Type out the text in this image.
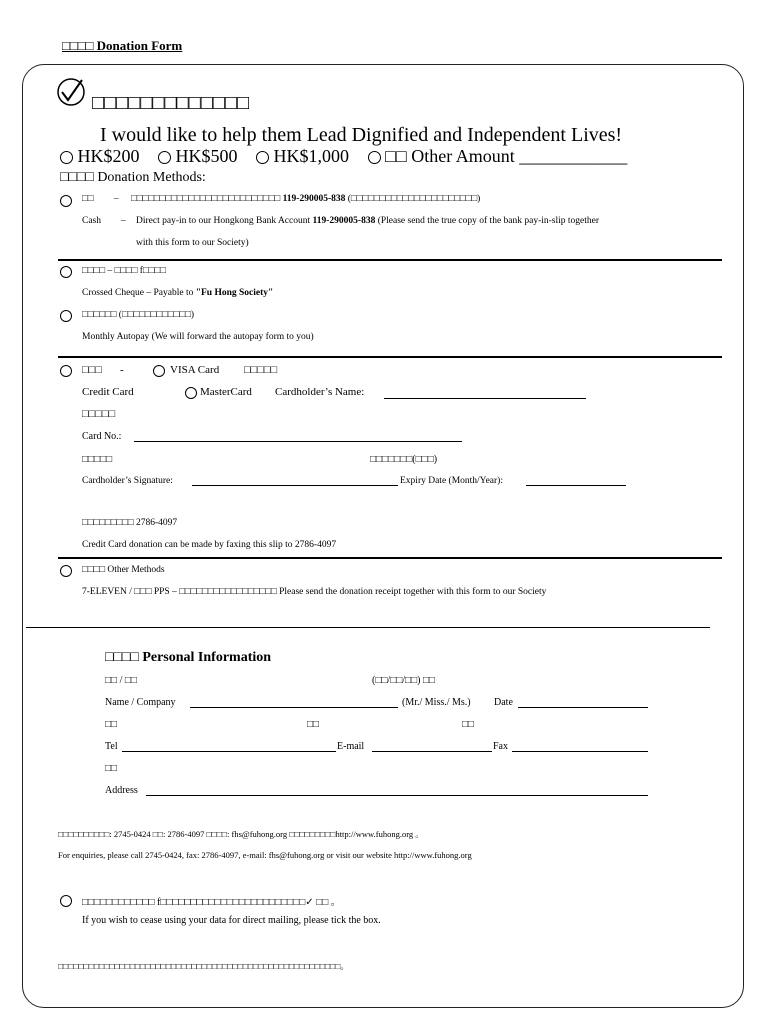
□□□□ Donation Form
□□□□□□□□□□□□□
I would like to help them Lead Dignified and Independent Lives!
HK$200 HK$500 HK$1,000 □□ Other Amount ____________
□□□□ Donation Methods:
□□ – □□□□□□□□□□□□□□□□□□□□□□□□□□ 119-290005-838 (□□□□□□□□□□□□□□□□□□□□□□)
Cash – Direct pay-in to our Hongkong Bank Account 119-290005-838 (Please send the true copy of the bank pay-in-slip together
with this form to our Society)
□□□□ – □□□□ f□□□□
Crossed Cheque – Payable to "Fu Hong Society"
□□□□□□ (□□□□□□□□□□□□)
Monthly Autopay (We will forward the autopay form to you)
□□□ -	VISA Card □□□□□
Credit Card	MasterCard Cardholder’s Name:
□□□□□
Card No.:
□□□□□	□□□□□□□(□□□)
Cardholder’s Signature:	Expiry Date (Month/Year):
□□□□□□□□□ 2786-4097
Credit Card donation can be made by faxing this slip to 2786-4097
□□□□ Other Methods
7-ELEVEN / □□□ PPS – □□□□□□□□□□□□□□□□□ Please send the donation receipt together with this form to our Society
□□□□ Personal Information
□□ / □□	(□□/□□/□□) □□
Name / Company	(Mr./ Miss./ Ms.) Date
□□	□□	□□
Tel	E-mail	Fax
□□
Address
□□□□□□□□□□: 2745-0424 □□: 2786-4097 □□□□: fhs@fuhong.org □□□□□□□□□http://www.fuhong.org 。
For enquiries, please call 2745-0424, fax: 2786-4097, e-mail: fhs@fuhong.org or visit our website http://www.fuhong.org
□□□□□□□□□□□□ f□□□□□□□□□□□□□□□□□□□□□□□□✓ □□ 。
If you wish to cease using your data for direct mailing, please tick the box.
□□□□□□□□□□□□□□□□□□□□□□□□□□□□□□□□□□□□□□□□□□□□□□□□□□□□□□□。
